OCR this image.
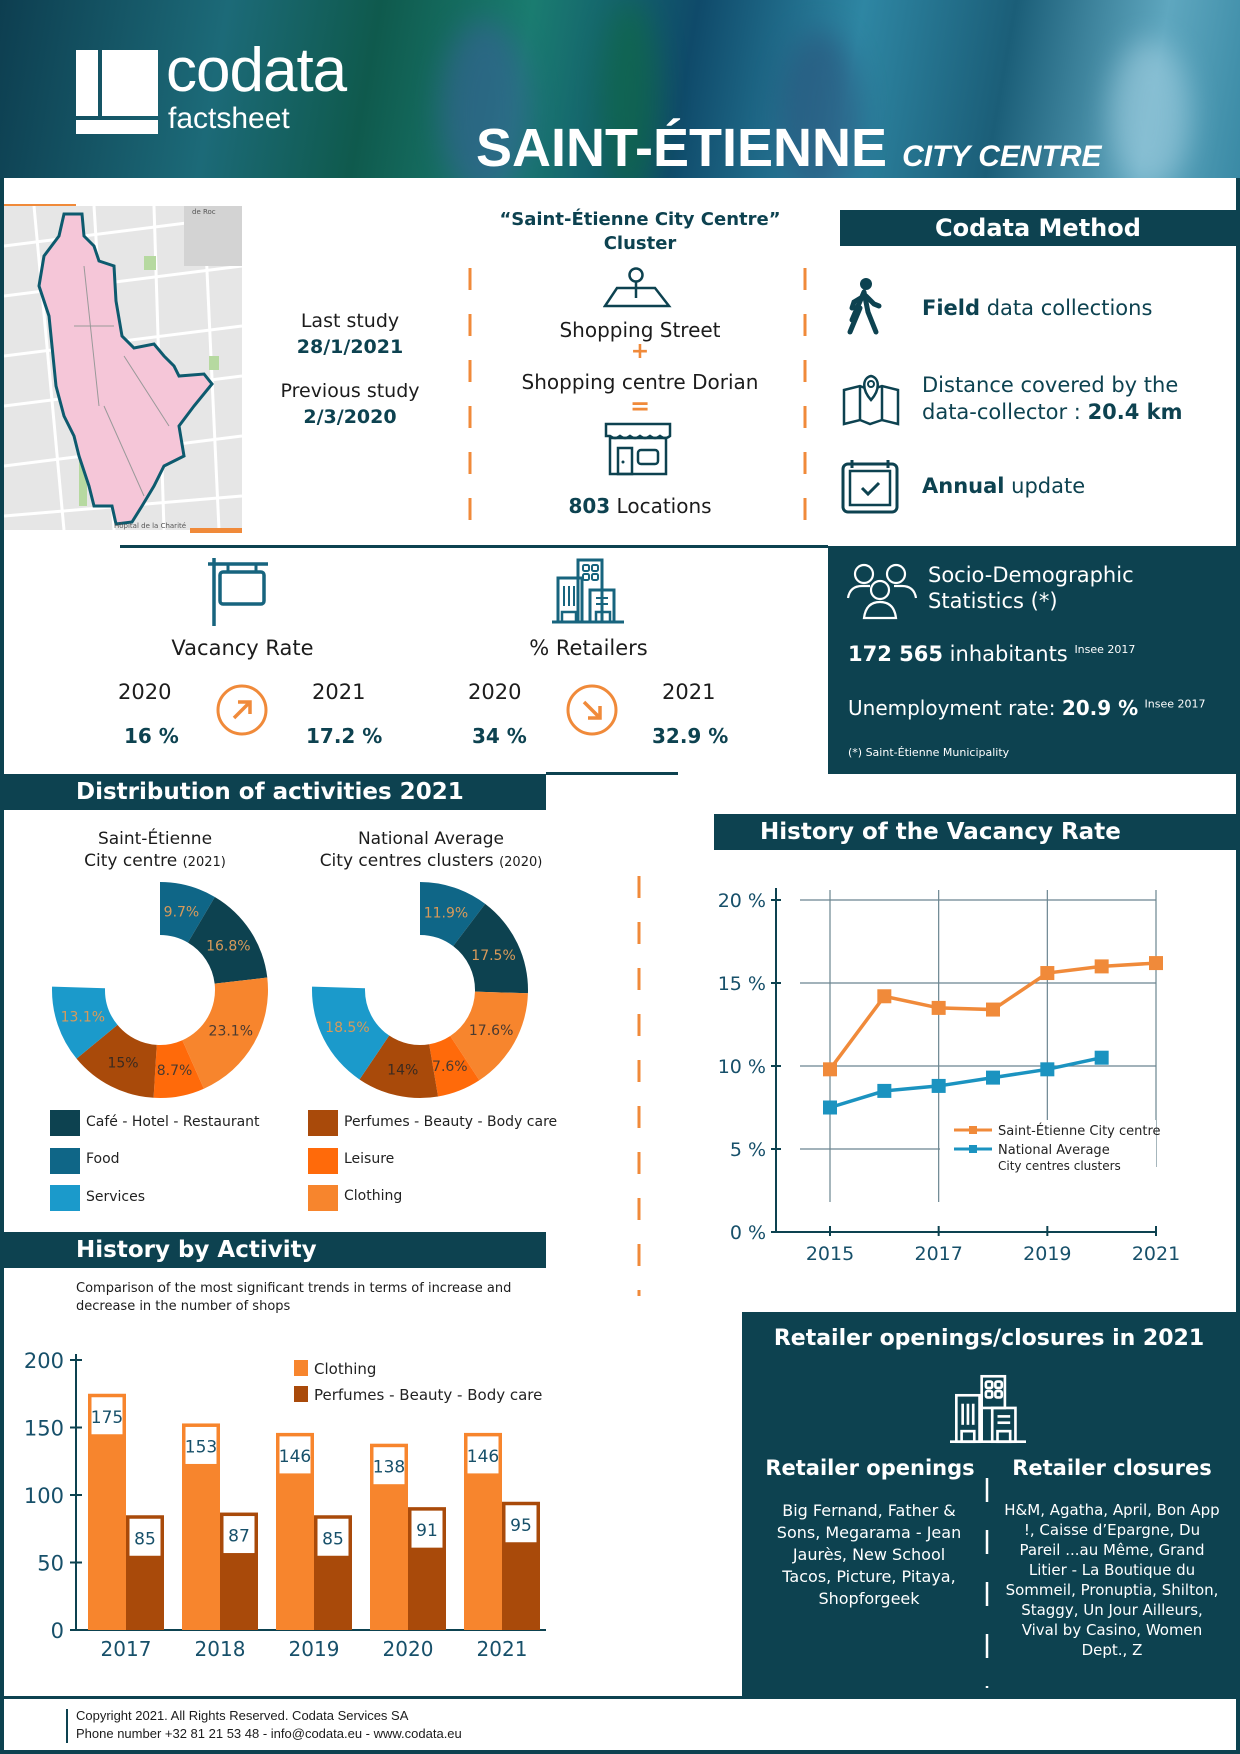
codata
factsheet	SAINT-ÉTIENNE CITY CENTRE
de Roc
Hôpital de la Charité
Last study
28/1/2021
Previous study
2/3/2020
“Saint-Étienne City Centre”
Cluster
Shopping Street
+
Shopping centre Dorian
=
803 Locations
Codata Method
Field data collections
Distance covered by the
data-collector : 20.4 km
Annual update
Vacancy Rate
2020
16 %
2021
17.2 %
% Retailers
2020
34 %
2021
32.9 %
Socio-Demographic
Statistics (*)
172 565 inhabitants $^{Insee 2017}$
Unemployment rate: 20.9 % $^{Insee 2017}$
(*) Saint-Étienne Municipality
Distribution of activities 2021
Saint-Étienne
City centre (2021)
National Average
City centres clusters (2020)
9.7%
16.8%
23.1%
8.7%
15%
13.1%
11.9%
17.5%
17.6%
7.6%
14%
18.5%
Café - Hotel - Restaurant
Food
Services
Perfumes - Beauty - Body care
Leisure
Clothing
History by Activity
Comparison of the most significant trends in terms of increase and
decrease in the number of shops
0
50
100
150
200
175
85
2017
153
87
2018
146
85
2019
138
91
2020
146
95
2021
Clothing
Perfumes - Beauty - Body care
History of the Vacancy Rate
0 %
5 %
10 %
15 %
20 %
2015	2017	2019	2021
Saint-Étienne City centre
National Average
City centres clusters
Retailer openings/closures in 2021
Retailer openings
Big Fernand, Father & Sons, Megarama - Jean Jaurès, New School Tacos, Picture, Pitaya, Shopforgeek
Retailer closures
H&M, Agatha, April, Bon App !, Caisse d’Epargne, Du Pareil ...au Même, Grand Litier - La Boutique du Sommeil, Pronuptia, Shilton, Staggy, Un Jour Ailleurs, Vival by Casino, Women Dept., Z
Copyright 2021. All Rights Reserved. Codata Services SA
Phone number +32 81 21 53 48 - info@codata.eu - www.codata.eu
